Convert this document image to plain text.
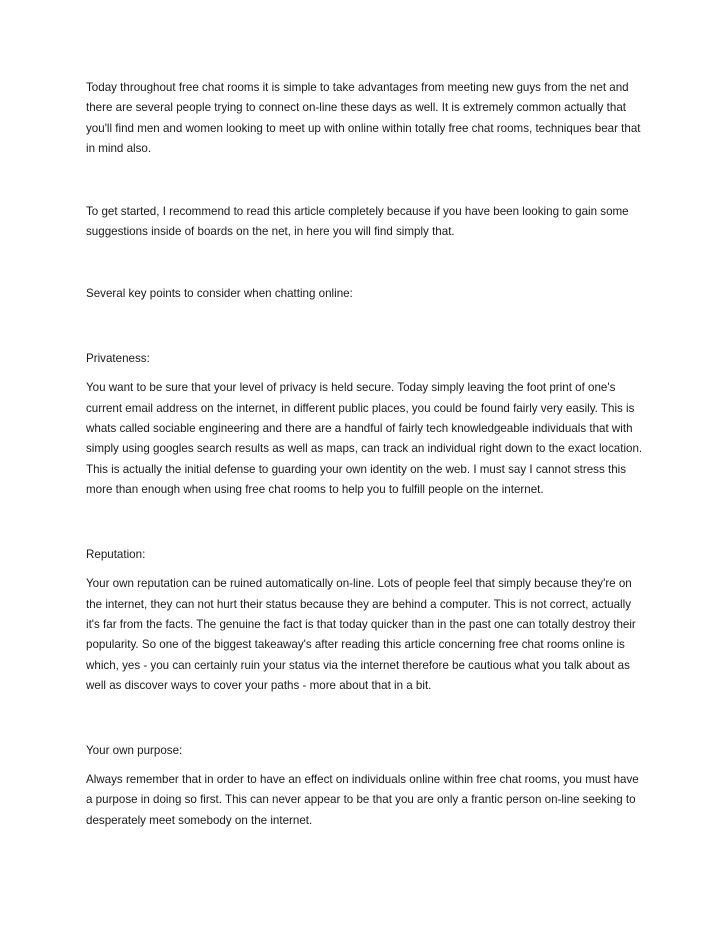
Today throughout free chat rooms it is simple to take advantages from meeting new guys from the net and there are several people trying to connect on-line these days as well. It is extremely common actually that you'll find men and women looking to meet up with online within totally free chat rooms, techniques bear that in mind also.

To get started, I recommend to read this article completely because if you have been looking to gain some suggestions inside of boards on the net, in here you will find simply that.

Several key points to consider when chatting online:

Privateness:

You want to be sure that your level of privacy is held secure. Today simply leaving the foot print of one's current email address on the internet, in different public places, you could be found fairly very easily. This is whats called sociable engineering and there are a handful of fairly tech knowledgeable individuals that with simply using googles search results as well as maps, can track an individual right down to the exact location. This is actually the initial defense to guarding your own identity on the web. I must say I cannot stress this more than enough when using free chat rooms to help you to fulfill people on the internet.

Reputation:

Your own reputation can be ruined automatically on-line. Lots of people feel that simply because they're on the internet, they can not hurt their status because they are behind a computer. This is not correct, actually it's far from the facts. The genuine the fact is that today quicker than in the past one can totally destroy their popularity. So one of the biggest takeaway's after reading this article concerning free chat rooms online is which, yes - you can certainly ruin your status via the internet therefore be cautious what you talk about as well as discover ways to cover your paths - more about that in a bit.

Your own purpose:

Always remember that in order to have an effect on individuals online within free chat rooms, you must have a purpose in doing so first. This can never appear to be that you are only a frantic person on-line seeking to desperately meet somebody on the internet.
